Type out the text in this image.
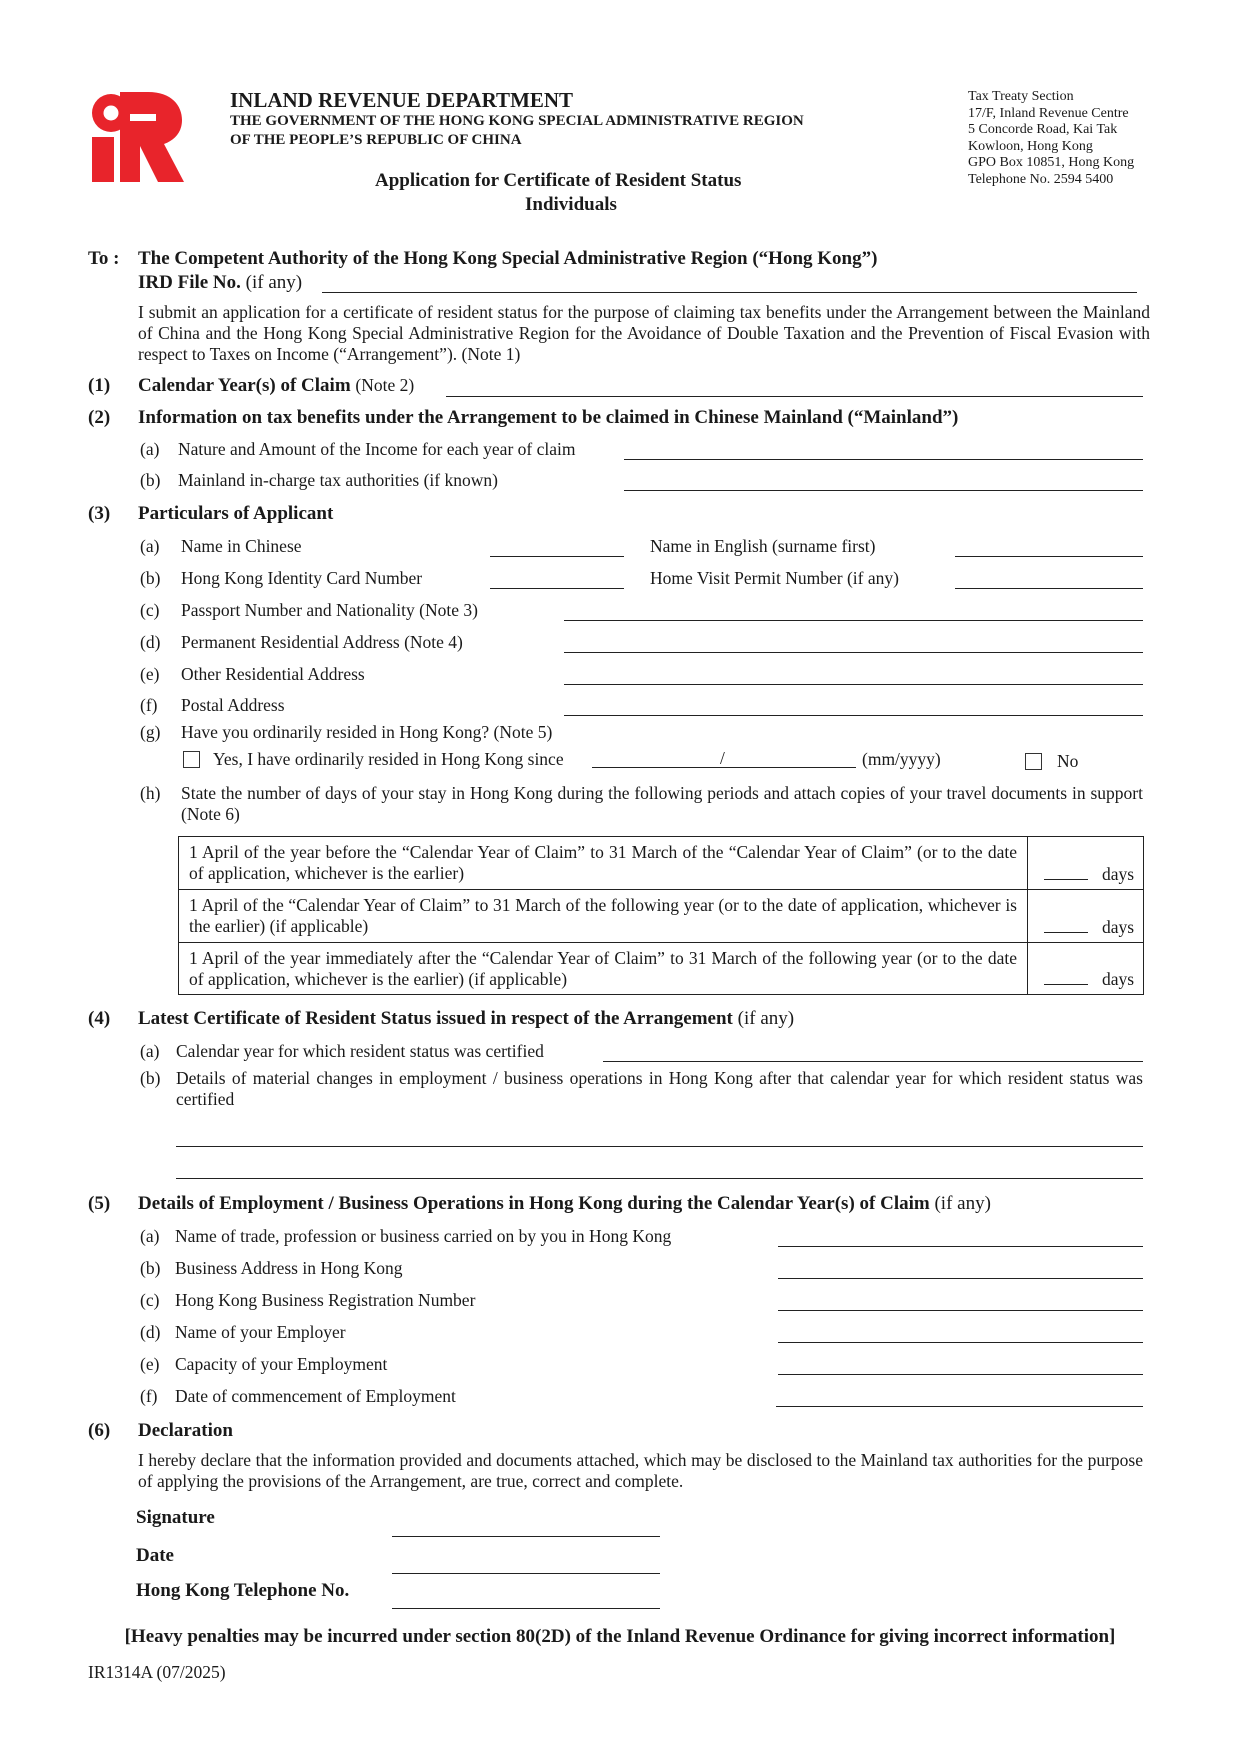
INLAND REVENUE DEPARTMENT
THE GOVERNMENT OF THE HONG KONG SPECIAL ADMINISTRATIVE REGION
OF THE PEOPLE’S REPUBLIC OF CHINA
Tax Treaty Section
17/F, Inland Revenue Centre
5 Concorde Road, Kai Tak
Kowloon, Hong Kong
GPO Box 10851, Hong Kong
Telephone No. 2594 5400
Application for Certificate of Resident Status
Individuals
To : The Competent Authority of the Hong Kong Special Administrative Region (“Hong Kong”)
IRD File No. (if any)
I submit an application for a certificate of resident status for the purpose of claiming tax benefits under the Arrangement between the Mainland of China and the Hong Kong Special Administrative Region for the Avoidance of Double Taxation and the Prevention of Fiscal Evasion with respect to Taxes on Income (“Arrangement”). (Note 1)
(1) Calendar Year(s) of Claim (Note 2)
(2) Information on tax benefits under the Arrangement to be claimed in Chinese Mainland (“Mainland”)
(a) Nature and Amount of the Income for each year of claim
(b) Mainland in-charge tax authorities (if known)
(3) Particulars of Applicant
(a) Name in Chinese	Name in English (surname first)
(b) Hong Kong Identity Card Number	Home Visit Permit Number (if any)
(c) Passport Number and Nationality (Note 3)
(d) Permanent Residential Address (Note 4)
(e) Other Residential Address
(f) Postal Address
(g) Have you ordinarily resided in Hong Kong? (Note 5)
Yes, I have ordinarily resided in Hong Kong since	/	(mm/yyyy)	No
(h) State the number of days of your stay in Hong Kong during the following periods and attach copies of your travel documents in support (Note 6)
1 April of the year before the “Calendar Year of Claim” to 31 March of the “Calendar Year of Claim” (or to the date of application, whichever is the earlier)	days

1 April of the “Calendar Year of Claim” to 31 March of the following year (or to the date of application, whichever is the earlier) (if applicable)	days

1 April of the year immediately after the “Calendar Year of Claim” to 31 March of the following year (or to the date of application, whichever is the earlier) (if applicable)	days
(4) Latest Certificate of Resident Status issued in respect of the Arrangement (if any)
(a) Calendar year for which resident status was certified
(b) Details of material changes in employment / business operations in Hong Kong after that calendar year for which resident status was certified
(5) Details of Employment / Business Operations in Hong Kong during the Calendar Year(s) of Claim (if any)
(a) Name of trade, profession or business carried on by you in Hong Kong
(b) Business Address in Hong Kong
(c) Hong Kong Business Registration Number
(d) Name of your Employer
(e) Capacity of your Employment
(f) Date of commencement of Employment
(6) Declaration
I hereby declare that the information provided and documents attached, which may be disclosed to the Mainland tax authorities for the purpose of applying the provisions of the Arrangement, are true, correct and complete.
Signature
Date
Hong Kong Telephone No.
[Heavy penalties may be incurred under section 80(2D) of the Inland Revenue Ordinance for giving incorrect information]
IR1314A (07/2025)
